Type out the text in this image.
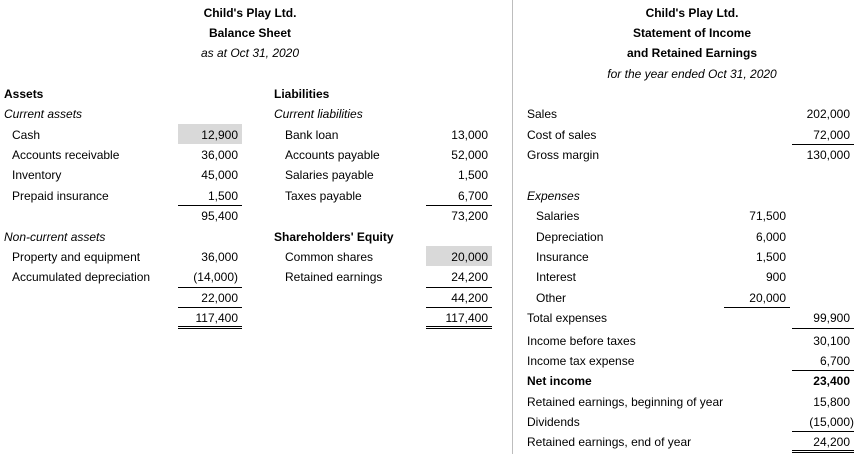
Child's Play Ltd.
Balance Sheet
as at Oct 31, 2020
Assets
Current assets
Cash	12,900
Accounts receivable	36,000
Inventory	45,000
Prepaid insurance	1,500
95,400
Non-current assets
Property and equipment	36,000
Accumulated depreciation	(14,000)
22,000
117,400
Liabilities
Current liabilities
Bank loan	13,000
Accounts payable	52,000
Salaries payable	1,500
Taxes payable	6,700
73,200
Shareholders' Equity
Common shares	20,000
Retained earnings	24,200
44,200
117,400
Child's Play Ltd.
Statement of Income
and Retained Earnings
for the year ended Oct 31, 2020
Sales	202,000
Cost of sales	72,000
Gross margin	130,000
Expenses
Salaries	71,500
Depreciation	6,000
Insurance	1,500
Interest	900
Other	20,000
Total expenses	99,900
Income before taxes	30,100
Income tax expense	6,700
Net income	23,400
Retained earnings, beginning of year	15,800
Dividends	(15,000)
Retained earnings, end of year	24,200
